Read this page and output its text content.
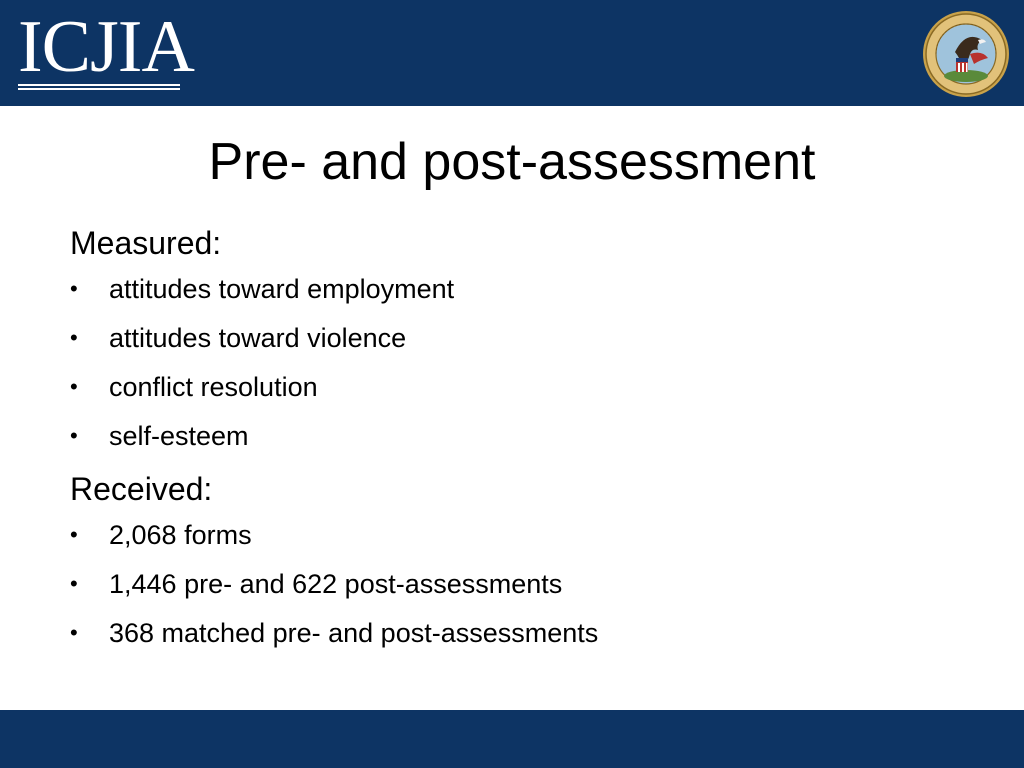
ICJIA

Pre- and post-assessment
Measured:
• attitudes toward employment
• attitudes toward violence
• conflict resolution
• self-esteem
Received:
• 2,068 forms
• 1,446 pre- and 622 post-assessments
• 368 matched pre- and post-assessments
